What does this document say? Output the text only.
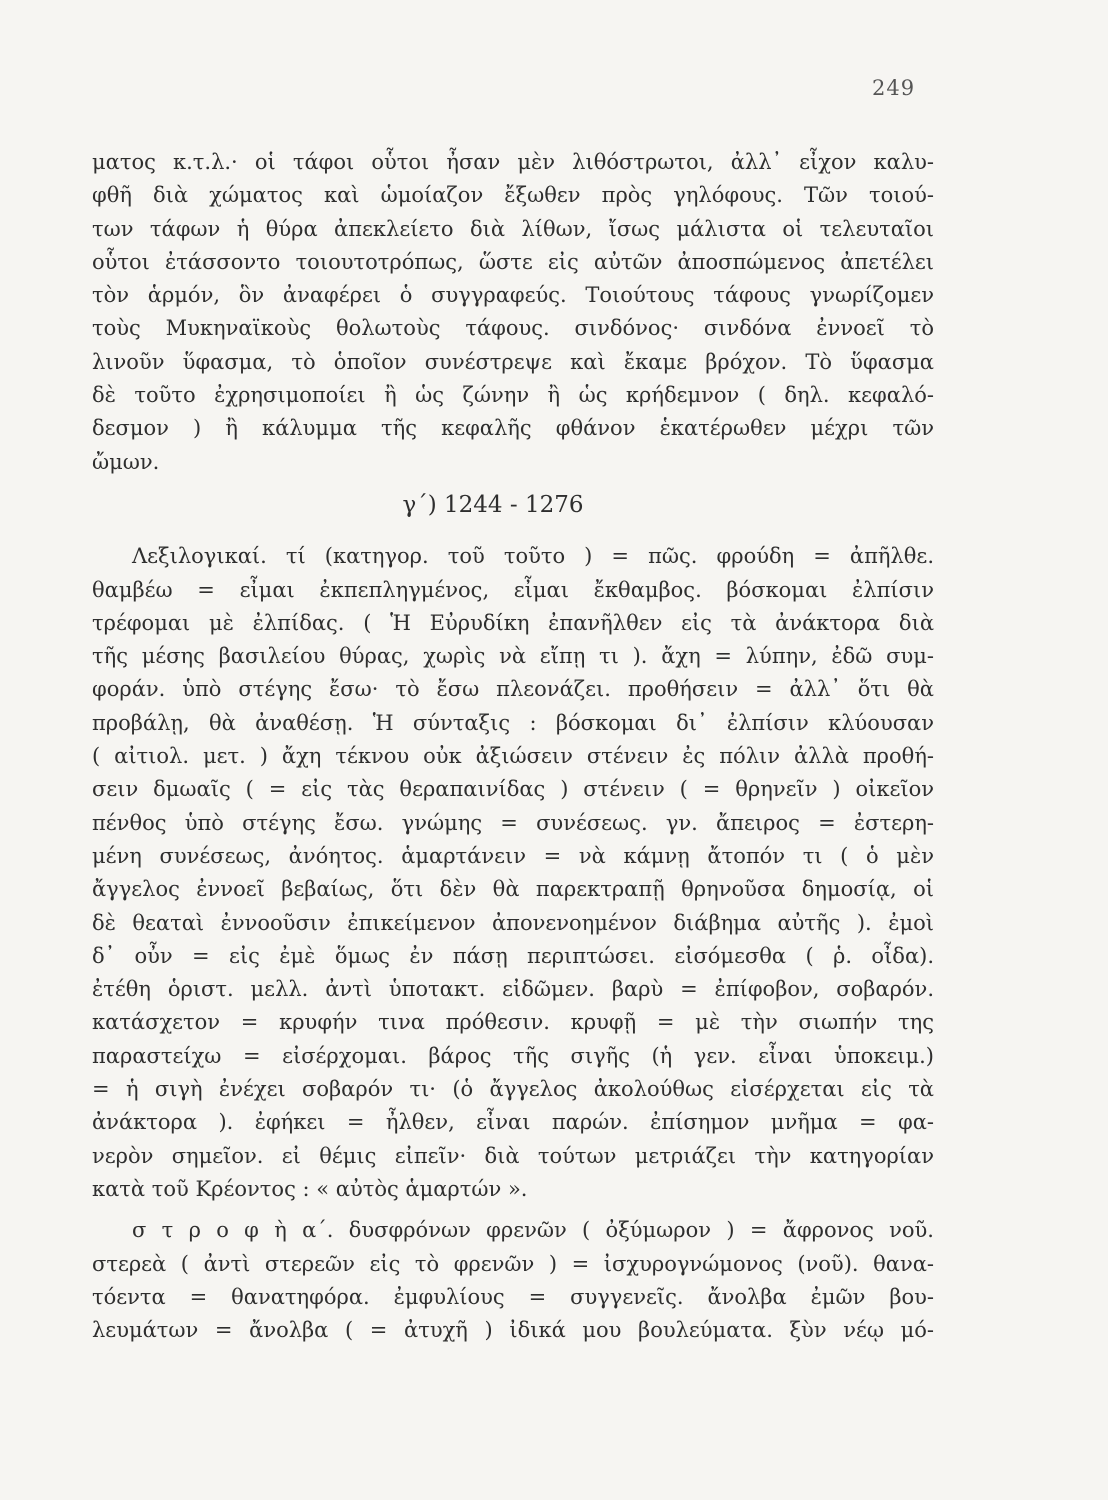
249
ματος κ.τ.λ.· οἱ τάφοι οὗτοι ἦσαν μὲν λιθόστρωτοι, ἀλλ᾽ εἶχον καλυ-
φθῆ διὰ χώματος καὶ ὡμοίαζον ἔξωθεν πρὸς γηλόφους. Τῶν τοιού-
των τάφων ἡ θύρα ἀπεκλείετο διὰ λίθων, ἴσως μάλιστα οἱ τελευταῖοι
οὗτοι ἐτάσσοντο τοιουτοτρόπως, ὥστε εἰς αὐτῶν ἀποσπώμενος ἀπετέλει
τὸν ἁρμόν, ὃν ἀναφέρει ὁ συγγραφεύς. Τοιούτους τάφους γνωρίζομεν
τοὺς Μυκηναϊκοὺς θολωτοὺς τάφους. σινδόνος· σινδόνα ἐννοεῖ τὸ
λινοῦν ὕφασμα, τὸ ὁποῖον συνέστρεψε καὶ ἔκαμε βρόχον. Τὸ ὕφασμα
δὲ τοῦτο ἐχρησιμοποίει ἢ ὡς ζώνην ἢ ὡς κρήδεμνον ( δηλ. κεφαλό-
δεσμον ) ἢ κάλυμμα τῆς κεφαλῆς φθάνον ἑκατέρωθεν μέχρι τῶν
ὤμων.
γ΄) 1244 - 1276
Λεξιλογικαί. τί (κατηγορ. τοῦ τοῦτο ) = πῶς. φρούδη = ἀπῆλθε.
θαμβέω = εἶμαι ἐκπεπληγμένος, εἶμαι ἔκθαμβος. βόσκομαι ἐλπίσιν
τρέφομαι μὲ ἐλπίδας. ( Ἡ Εὐρυδίκη ἐπανῆλθεν εἰς τὰ ἀνάκτορα διὰ
τῆς μέσης βασιλείου θύρας, χωρὶς νὰ εἴπῃ τι ). ἄχη = λύπην, ἐδῶ συμ-
φοράν. ὑπὸ στέγης ἔσω· τὸ ἔσω πλεονάζει. προθήσειν = ἀλλ᾽ ὅτι θὰ
προβάλῃ, θὰ ἀναθέσῃ. Ἡ σύνταξις : βόσκομαι δι᾽ ἐλπίσιν κλύουσαν
( αἰτιολ. μετ. ) ἄχη τέκνου οὐκ ἀξιώσειν στένειν ἐς πόλιν ἀλλὰ προθή-
σειν δμωαῖς ( = εἰς τὰς θεραπαινίδας ) στένειν ( = θρηνεῖν ) οἰκεῖον
πένθος ὑπὸ στέγης ἔσω. γνώμης = συνέσεως. γν. ἄπειρος = ἐστερη-
μένη συνέσεως, ἀνόητος. ἁμαρτάνειν = νὰ κάμνῃ ἄτοπόν τι ( ὁ μὲν
ἄγγελος ἐννοεῖ βεβαίως, ὅτι δὲν θὰ παρεκτραπῇ θρηνοῦσα δημοσίᾳ, οἱ
δὲ θεαταὶ ἐννοοῦσιν ἐπικείμενον ἀπονενοημένον διάβημα αὐτῆς ). ἐμοὶ
δ᾽ οὖν = εἰς ἐμὲ ὅμως ἐν πάσῃ περιπτώσει. εἰσόμεσθα ( ῥ. οἶδα).
ἐτέθη ὁριστ. μελλ. ἀντὶ ὑποτακτ. εἰδῶμεν. βαρὺ = ἐπίφοβον, σοβαρόν.
κατάσχετον = κρυφήν τινα πρόθεσιν. κρυφῇ = μὲ τὴν σιωπήν της
παραστείχω = εἰσέρχομαι. βάρος τῆς σιγῆς (ἡ γεν. εἶναι ὑποκειμ.)
= ἡ σιγὴ ἐνέχει σοβαρόν τι· (ὁ ἄγγελος ἀκολούθως εἰσέρχεται εἰς τὰ
ἀνάκτορα ). ἐφήκει = ἦλθεν, εἶναι παρών. ἐπίσημον μνῆμα = φα-
νερὸν σημεῖον. εἰ θέμις εἰπεῖν· διὰ τούτων μετριάζει τὴν κατηγορίαν
κατὰ τοῦ Κρέοντος : « αὐτὸς ἁμαρτών ».
σ τ ρ ο φ ὴ α΄. δυσφρόνων φρενῶν ( ὀξύμωρον ) = ἄφρονος νοῦ.
στερεὰ ( ἀντὶ στερεῶν εἰς τὸ φρενῶν ) = ἰσχυρογνώμονος (νοῦ). θανα-
τόεντα = θανατηφόρα. ἐμφυλίους = συγγενεῖς. ἄνολβα ἐμῶν βου-
λευμάτων = ἄνολβα ( = ἀτυχῆ ) ἰδικά μου βουλεύματα. ξὺν νέῳ μό-
